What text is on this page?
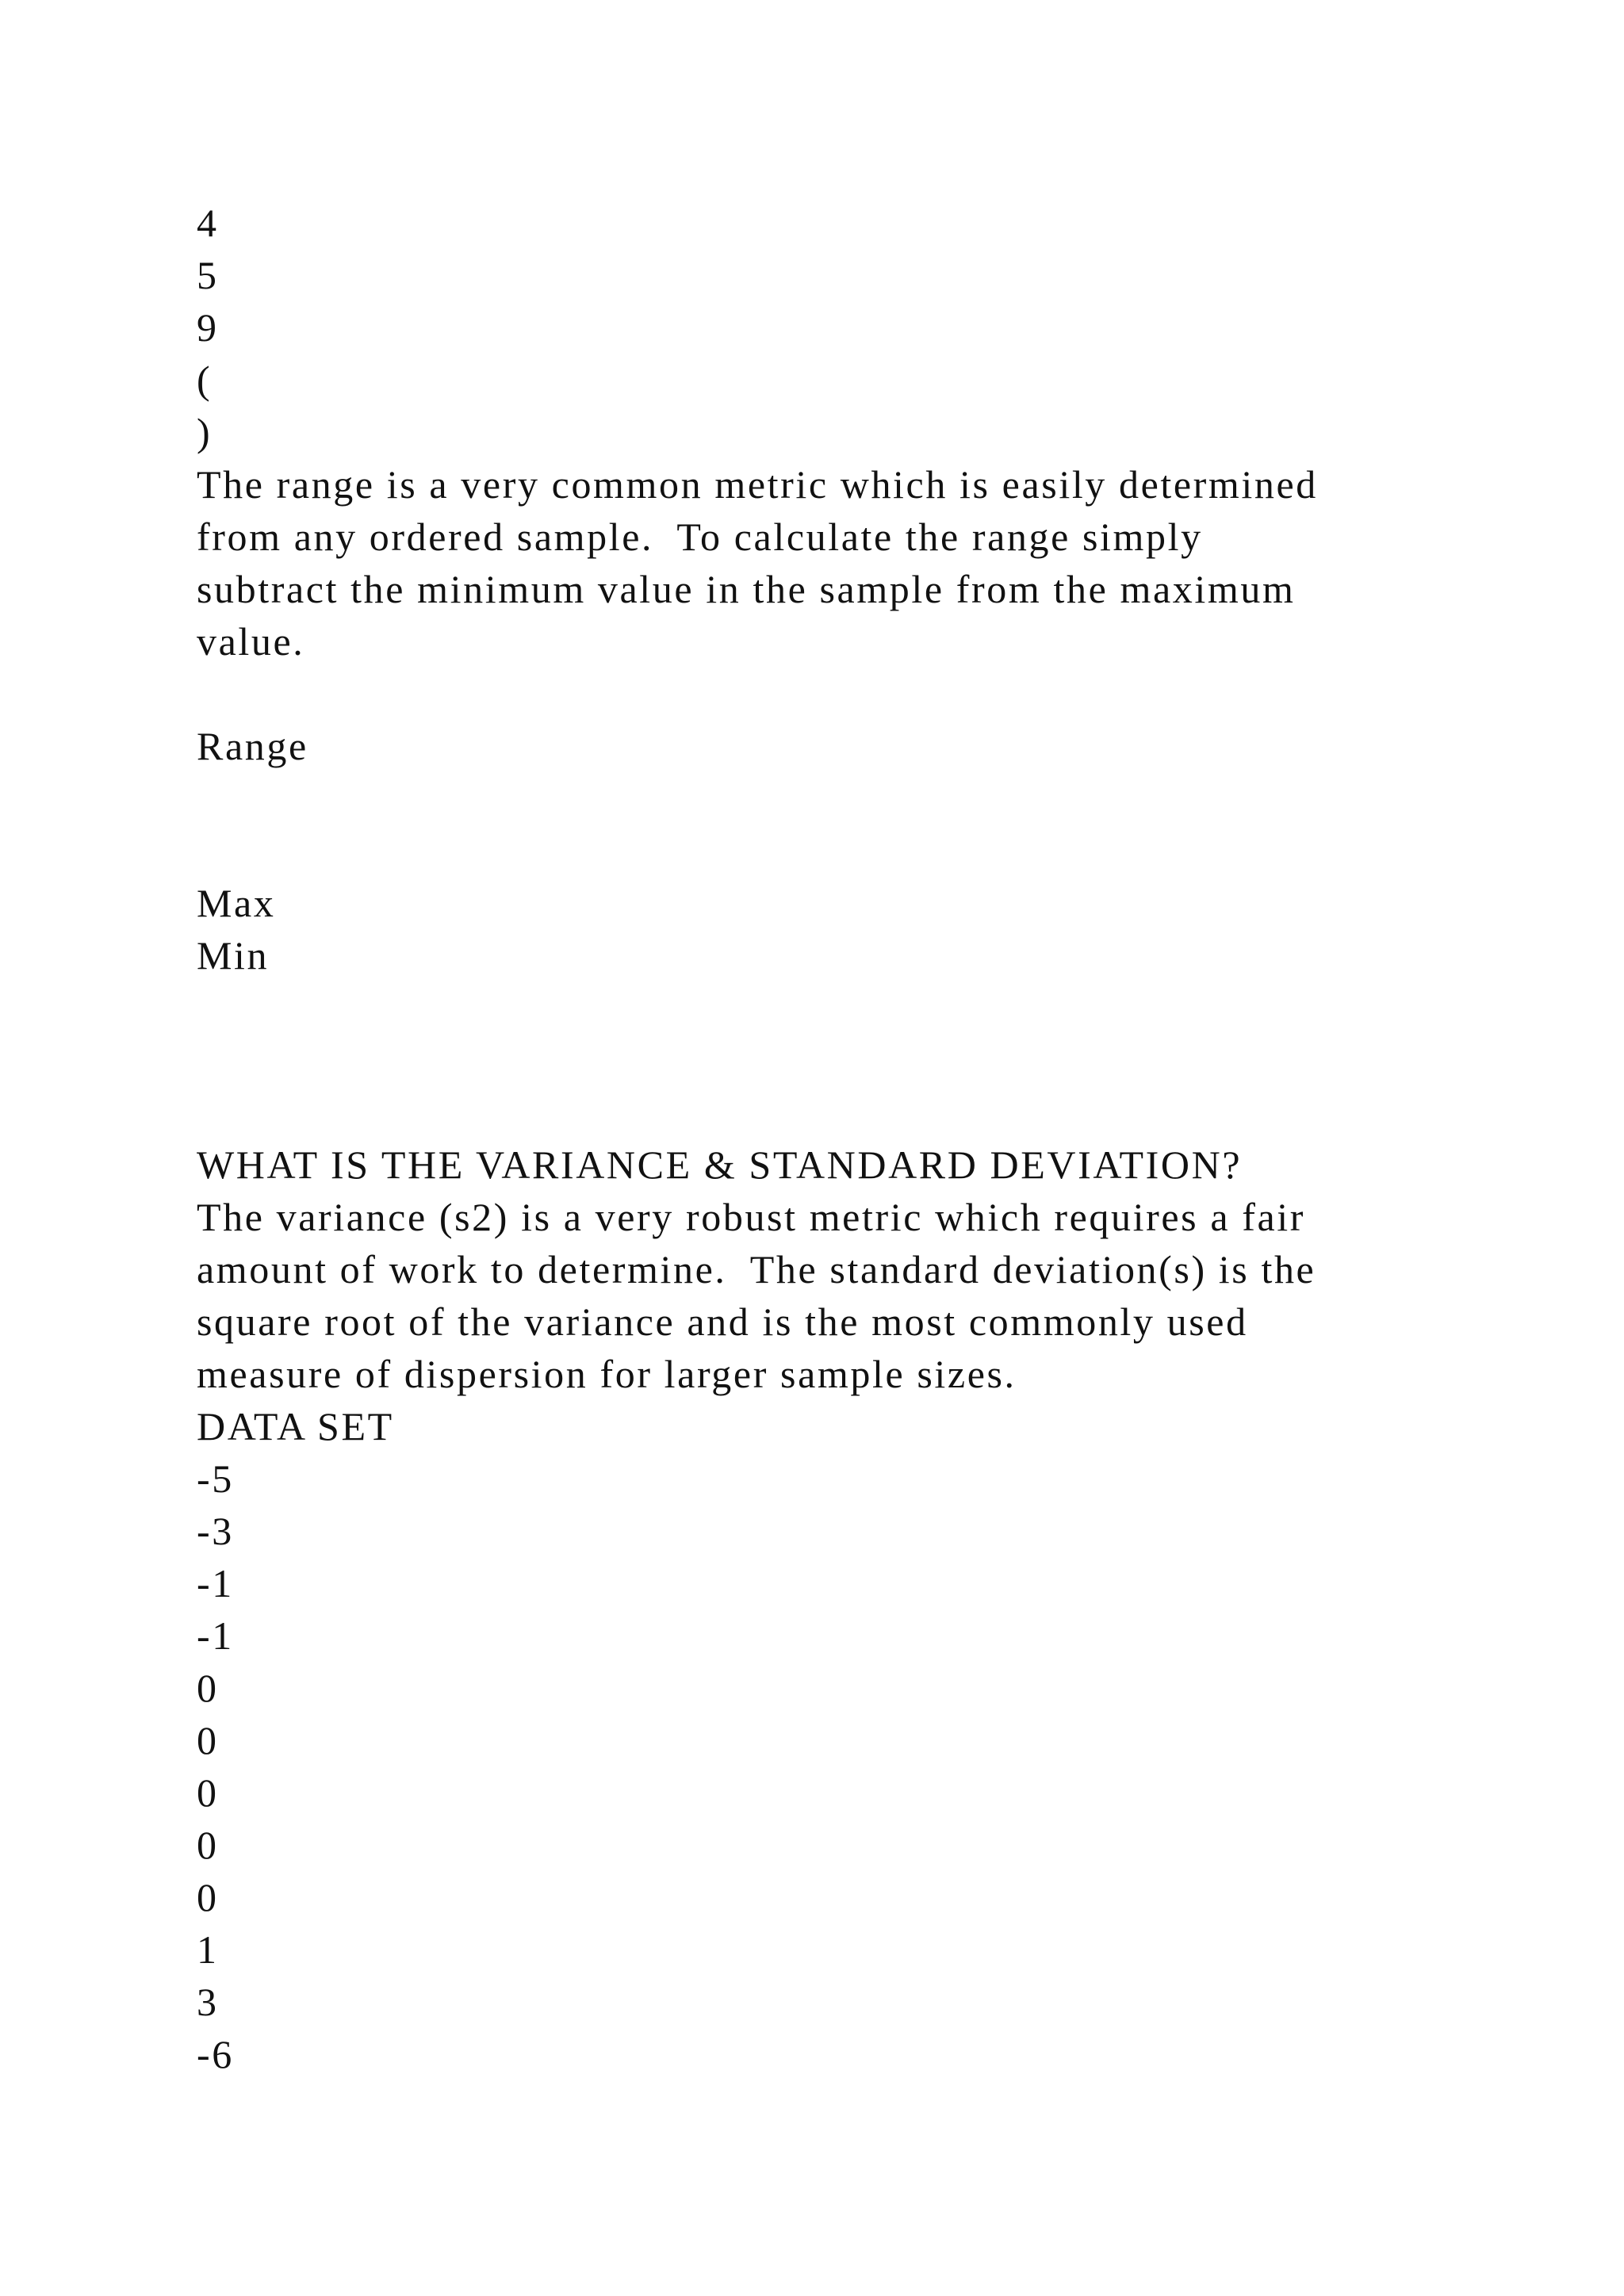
4

5

9

(

)

The range is a very common metric which is easily determined

from any ordered sample.  To calculate the range simply

subtract the minimum value in the sample from the maximum

value.

Range

Max

Min

WHAT IS THE VARIANCE & STANDARD DEVIATION?

The variance (s2) is a very robust metric which requires a fair

amount of work to determine.  The standard deviation(s) is the

square root of the variance and is the most commonly used

measure of dispersion for larger sample sizes.

DATA SET

-5

-3

-1

-1

0

0

0

0

0

1

3

-6
